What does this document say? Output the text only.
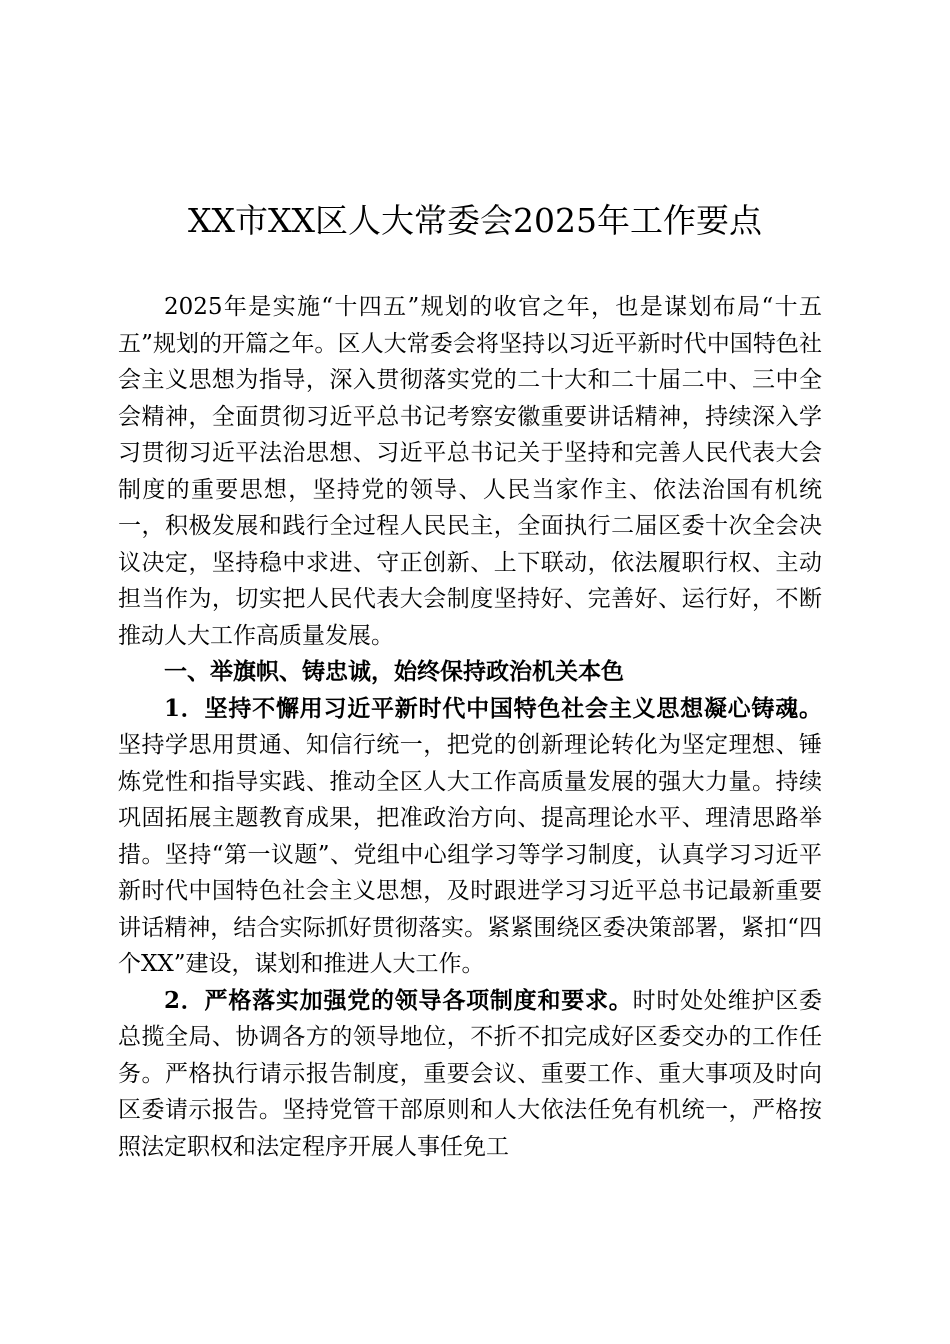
XX市XX区人大常委会2025年工作要点

2025年是实施“十四五”规划的收官之年，也是谋划布局“十五五”规划的开篇之年。区人大常委会将坚持以习近平新时代中国特色社会主义思想为指导，深入贯彻落实党的二十大和二十届二中、三中全会精神，全面贯彻习近平总书记考察安徽重要讲话精神，持续深入学习贯彻习近平法治思想、习近平总书记关于坚持和完善人民代表大会制度的重要思想，坚持党的领导、人民当家作主、依法治国有机统一，积极发展和践行全过程人民民主，全面执行二届区委十次全会决议决定，坚持稳中求进、守正创新、上下联动，依法履职行权、主动担当作为，切实把人民代表大会制度坚持好、完善好、运行好，不断推动人大工作高质量发展。

一、举旗帜、铸忠诚，始终保持政治机关本色

1．坚持不懈用习近平新时代中国特色社会主义思想凝心铸魂。坚持学思用贯通、知信行统一，把党的创新理论转化为坚定理想、锤炼党性和指导实践、推动全区人大工作高质量发展的强大力量。持续巩固拓展主题教育成果，把准政治方向、提高理论水平、理清思路举措。坚持“第一议题”、党组中心组学习等学习制度，认真学习习近平新时代中国特色社会主义思想，及时跟进学习习近平总书记最新重要讲话精神，结合实际抓好贯彻落实。紧紧围绕区委决策部署，紧扣“四个XX”建设，谋划和推进人大工作。

2．严格落实加强党的领导各项制度和要求。时时处处维护区委总揽全局、协调各方的领导地位，不折不扣完成好区委交办的工作任务。严格执行请示报告制度，重要会议、重要工作、重大事项及时向区委请示报告。坚持党管干部原则和人大依法任免有机统一，严格按照法定职权和法定程序开展人事任免工
